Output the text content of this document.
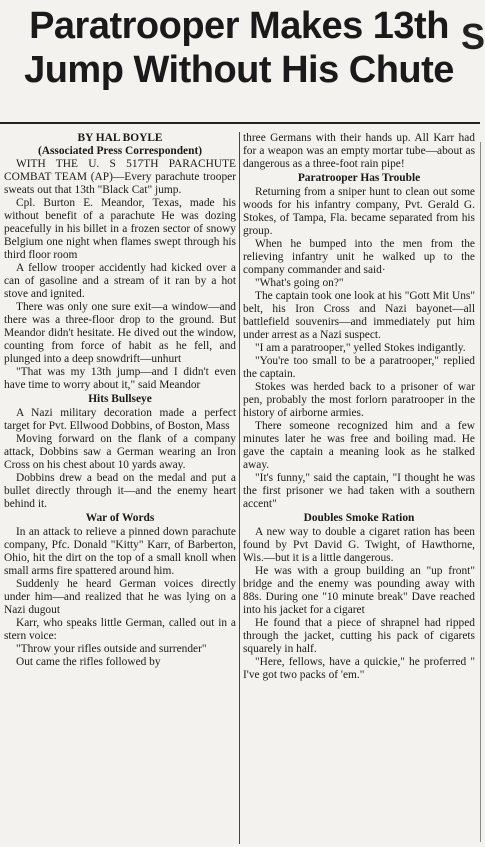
Paratrooper Makes 13th
Jump Without His Chute
S

BY HAL BOYLE

(Associated Press Correspondent)

WITH THE U. S 517TH PARACHUTE COMBAT TEAM (AP)—Every parachute trooper sweats out that 13th "Black Cat" jump.

Cpl. Burton E. Meandor, Texas, made his without benefit of a parachute He was dozing peacefully in his billet in a frozen sector of snowy Belgium one night when flames swept through his third floor room

A fellow trooper accidently had kicked over a can of gasoline and a stream of it ran by a hot stove and ignited.

There was only one sure exit—a window—and there was a three-floor drop to the ground. But Meandor didn't hesitate. He dived out the window, counting from force of habit as he fell, and plunged into a deep snowdrift—unhurt

"That was my 13th jump—and I didn't even have time to worry about it," said Meandor

Hits Bullseye

A Nazi military decoration made a perfect target for Pvt. Ellwood Dobbins, of Boston, Mass

Moving forward on the flank of a company attack, Dobbins saw a German wearing an Iron Cross on his chest about 10 yards away.

Dobbins drew a bead on the medal and put a bullet directly through it—and the enemy heart behind it.

War of Words

In an attack to relieve a pinned down parachute company, Pfc. Donald "Kitty" Karr, of Barberton, Ohio, hit the dirt on the top of a small knoll when small arms fire spattered around him.

Suddenly he heard German voices directly under him—and realized that he was lying on a Nazi dugout

Karr, who speaks little German, called out in a stern voice:

"Throw your rifles outside and surrender"

Out came the rifles followed by

three Germans with their hands up. All Karr had for a weapon was an empty mortar tube—about as dangerous as a three-foot rain pipe!

Paratrooper Has Trouble

Returning from a sniper hunt to clean out some woods for his infantry company, Pvt. Gerald G. Stokes, of Tampa, Fla. became separated from his group.

When he bumped into the men from the relieving infantry unit he walked up to the company commander and said·

"What's going on?"

The captain took one look at his "Gott Mit Uns" belt, his Iron Cross and Nazi bayonet—all battlefield souvenirs—and immediately put him under arrest as a Nazi suspect.

"I am a paratrooper," yelled Stokes indigantly.

"You're too small to be a paratrooper," replied the captain.

Stokes was herded back to a prisoner of war pen, probably the most forlorn paratrooper in the history of airborne armies.

There someone recognized him and a few minutes later he was free and boiling mad. He gave the captain a meaning look as he stalked away.

"It's funny," said the captain, "I thought he was the first prisoner we had taken with a southern accent"

Doubles Smoke Ration

A new way to double a cigaret ration has been found by Pvt David G. Twight, of Hawthorne, Wis.—but it is a little dangerous.

He was with a group building an "up front" bridge and the enemy was pounding away with 88s. During one "10 minute break" Dave reached into his jacket for a cigaret

He found that a piece of shrapnel had ripped through the jacket, cutting his pack of cigarets squarely in half.

"Here, fellows, have a quickie," he proferred " I've got two packs of 'em."
